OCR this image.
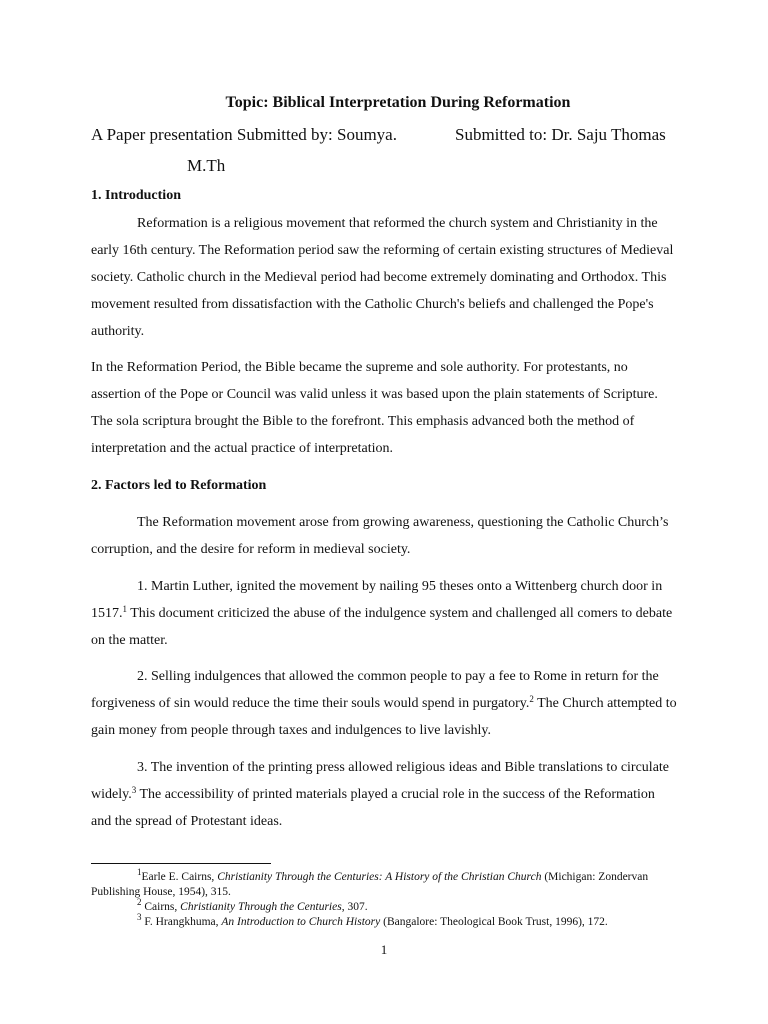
Topic: Biblical Interpretation During Reformation
A Paper presentation Submitted by: Soumya.	Submitted to: Dr. Saju Thomas
M.Th
1. Introduction

Reformation is a religious movement that reformed the church system and Christianity in the early 16th century. The Reformation period saw the reforming of certain existing structures of Medieval society. Catholic church in the Medieval period had become extremely dominating and Orthodox. This movement resulted from dissatisfaction with the Catholic Church's beliefs and challenged the Pope's authority.

In the Reformation Period, the Bible became the supreme and sole authority. For protestants, no assertion of the Pope or Council was valid unless it was based upon the plain statements of Scripture. The sola scriptura brought the Bible to the forefront. This emphasis advanced both the method of interpretation and the actual practice of interpretation.

2. Factors led to Reformation

The Reformation movement arose from growing awareness, questioning the Catholic Church’s corruption, and the desire for reform in medieval society.

1. Martin Luther, ignited the movement by nailing 95 theses onto a Wittenberg church door in 1517.$^1$ This document criticized the abuse of the indulgence system and challenged all comers to debate on the matter.

2. Selling indulgences that allowed the common people to pay a fee to Rome in return for the forgiveness of sin would reduce the time their souls would spend in purgatory.$^2$ The Church attempted to gain money from people through taxes and indulgences to live lavishly.

3. The invention of the printing press allowed religious ideas and Bible translations to circulate widely.$^3$ The accessibility of printed materials played a crucial role in the success of the Reformation and the spread of Protestant ideas.

$^1$Earle E. Cairns, Christianity Through the Centuries: A History of the Christian Church (Michigan: Zondervan Publishing House, 1954), 315.
$^2$ Cairns, Christianity Through the Centuries, 307.
$^3$ F. Hrangkhuma, An Introduction to Church History (Bangalore: Theological Book Trust, 1996), 172.
1
